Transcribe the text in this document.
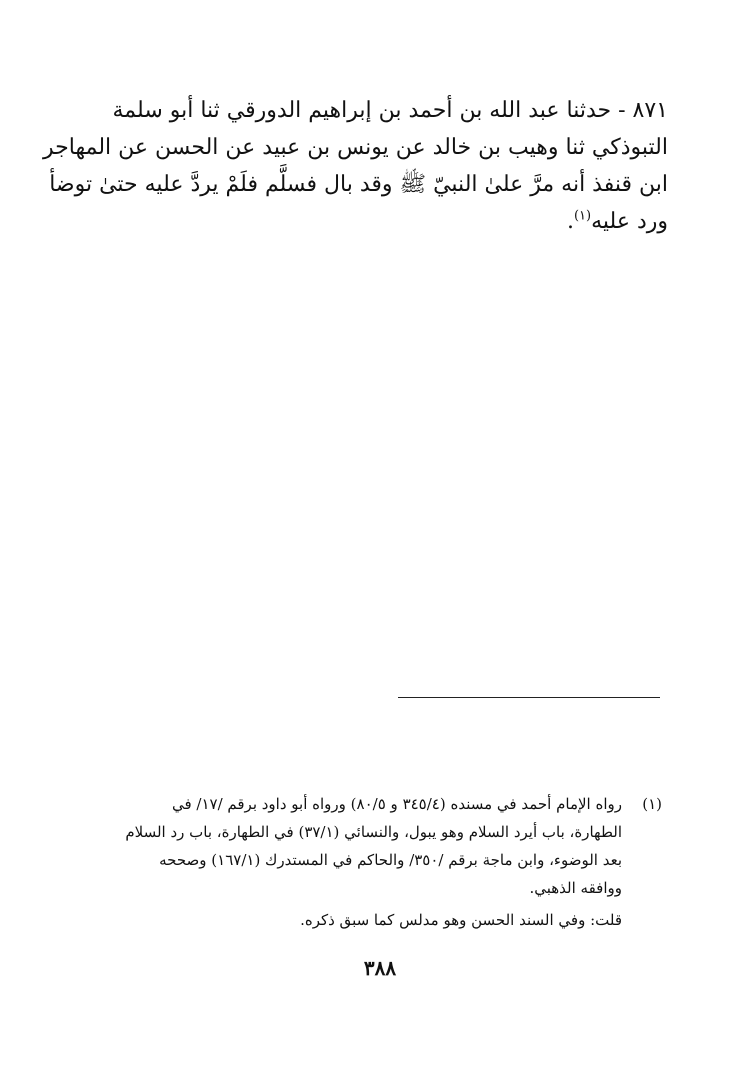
٨٧١ - حدثنا عبد الله بن أحمد بن إبراهيم الدورقي ثنا أبو سلمة
التبوذكي ثنا وهيب بن خالد عن يونس بن عبيد عن الحسن عن المهاجر
ابن قنفذ أنه مرَّ علىٰ النبيّ ﷺ وقد بال فسلَّم فلَمْ يردَّ عليه حتىٰ توضأ
ورد عليه$^{(١)}$.
(١)
رواه الإمام أحمد في مسنده (٣٤٥/٤ و ٨٠/٥) ورواه أبو داود برقم /١٧/ في
الطهارة، باب أيرد السلام وهو يبول، والنسائي (٣٧/١) في الطهارة، باب رد السلام
بعد الوضوء، وابن ماجة برقم /٣٥٠/ والحاكم في المستدرك (١٦٧/١) وصححه
ووافقه الذهبي.
قلت: وفي السند الحسن وهو مدلس كما سبق ذكره.
٣٨٨
